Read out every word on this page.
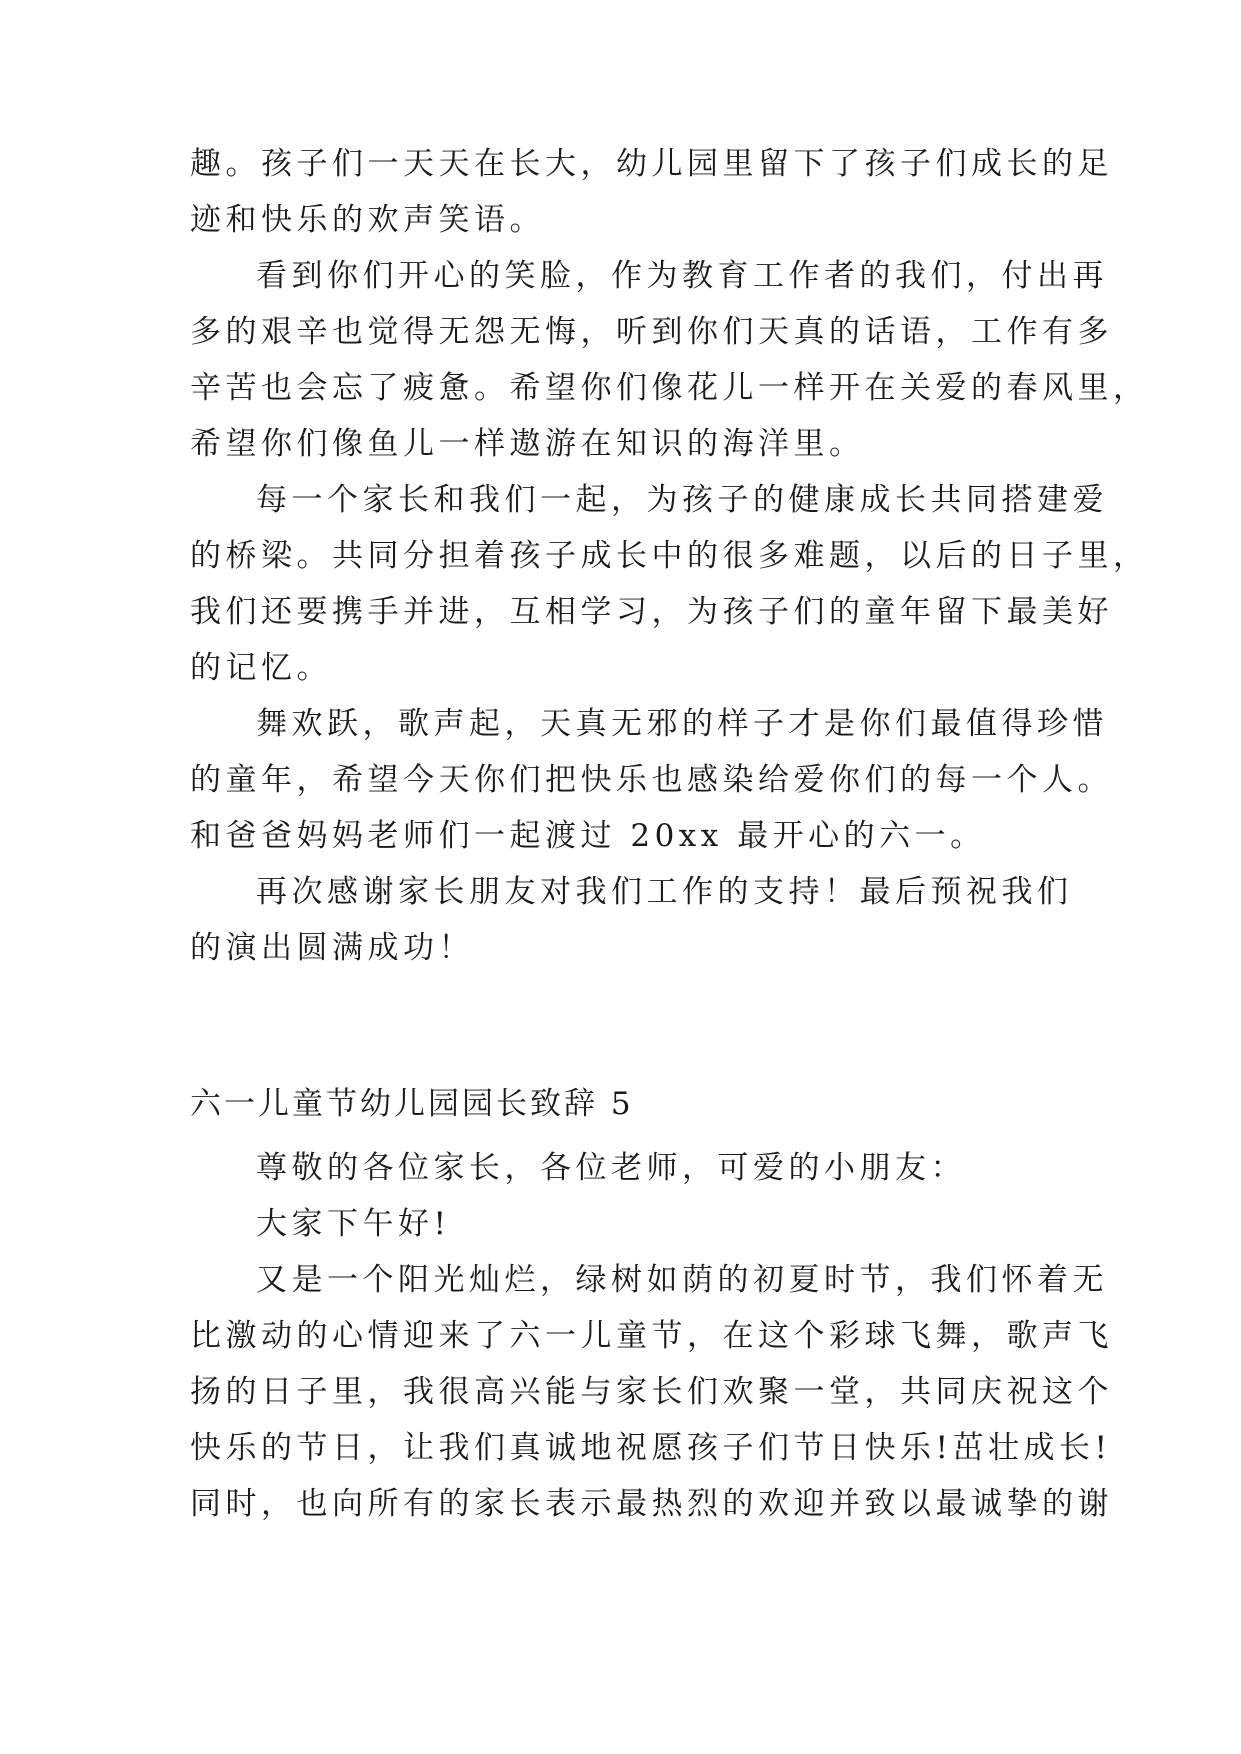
趣。孩子们一天天在长大，幼儿园里留下了孩子们成长的足
迹和快乐的欢声笑语。
看到你们开心的笑脸，作为教育工作者的我们，付出再
多的艰辛也觉得无怨无悔，听到你们天真的话语，工作有多
辛苦也会忘了疲惫。希望你们像花儿一样开在关爱的春风里，
希望你们像鱼儿一样遨游在知识的海洋里。
每一个家长和我们一起，为孩子的健康成长共同搭建爱
的桥梁。共同分担着孩子成长中的很多难题，以后的日子里，
我们还要携手并进，互相学习，为孩子们的童年留下最美好
的记忆。
舞欢跃，歌声起，天真无邪的样子才是你们最值得珍惜
的童年，希望今天你们把快乐也感染给爱你们的每一个人。
和爸爸妈妈老师们一起渡过 20xx 最开心的六一。
再次感谢家长朋友对我们工作的支持！最后预祝我们
的演出圆满成功！
六一儿童节幼儿园园长致辞 5
尊敬的各位家长，各位老师，可爱的小朋友：
大家下午好!
又是一个阳光灿烂，绿树如荫的初夏时节，我们怀着无
比激动的心情迎来了六一儿童节，在这个彩球飞舞，歌声飞
扬的日子里，我很高兴能与家长们欢聚一堂，共同庆祝这个
快乐的节日，让我们真诚地祝愿孩子们节日快乐!茁壮成长!
同时，也向所有的家长表示最热烈的欢迎并致以最诚挚的谢
